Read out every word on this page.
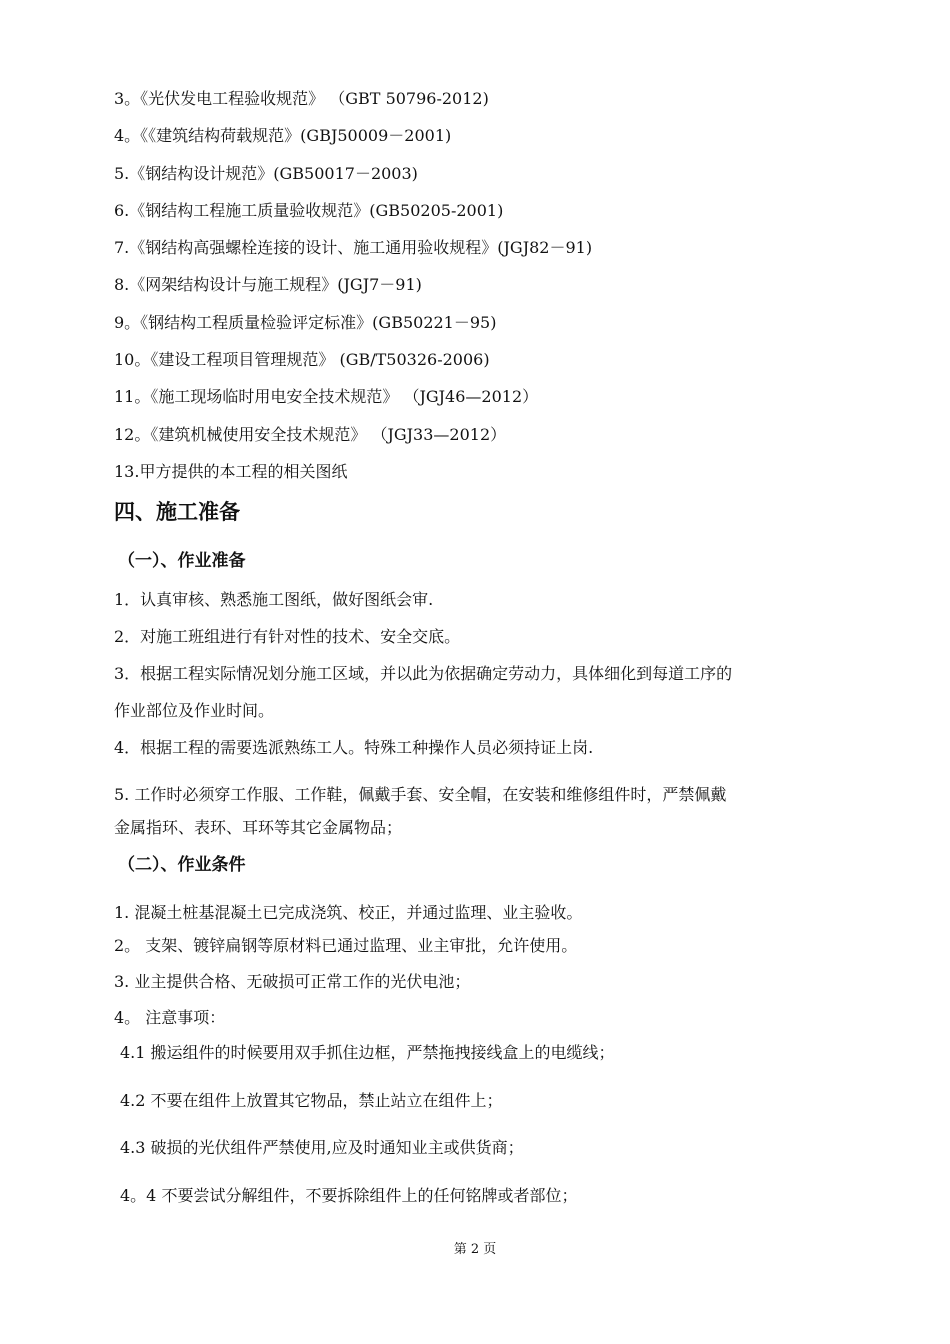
3。《光伏发电工程验收规范》 （GBT 50796-2012)
4。《《建筑结构荷载规范》(GBJ50009－2001)
5.《钢结构设计规范》(GB50017－2003)
6.《钢结构工程施工质量验收规范》(GB50205-2001)
7.《钢结构高强螺栓连接的设计、施工通用验收规程》(JGJ82－91)
8.《网架结构设计与施工规程》(JGJ7－91)
9。《钢结构工程质量检验评定标准》(GB50221－95)
10。《建设工程项目管理规范》 (GB/T50326-2006)
11。《施工现场临时用电安全技术规范》 （JGJ46—2012）
12。《建筑机械使用安全技术规范》 （JGJ33—2012）
13.甲方提供的本工程的相关图纸
四、施工准备
（一）、作业准备
1．认真审核、熟悉施工图纸，做好图纸会审.
2．对施工班组进行有针对性的技术、安全交底。
3．根据工程实际情况划分施工区域，并以此为依据确定劳动力，具体细化到每道工序的
作业部位及作业时间。
4．根据工程的需要选派熟练工人。特殊工种操作人员必须持证上岗.
5. 工作时必须穿工作服、工作鞋，佩戴手套、安全帽，在安装和维修组件时，严禁佩戴
金属指环、表环、耳环等其它金属物品；
（二）、作业条件
1. 混凝土桩基混凝土已完成浇筑、校正，并通过监理、业主验收。
2。 支架、镀锌扁钢等原材料已通过监理、业主审批，允许使用。
3. 业主提供合格、无破损可正常工作的光伏电池；
4。 注意事项：
4.1 搬运组件的时候要用双手抓住边框，严禁拖拽接线盒上的电缆线；
4.2 不要在组件上放置其它物品，禁止站立在组件上；
4.3 破损的光伏组件严禁使用,应及时通知业主或供货商；
4。4 不要尝试分解组件，不要拆除组件上的任何铭牌或者部位；
第 2 页
